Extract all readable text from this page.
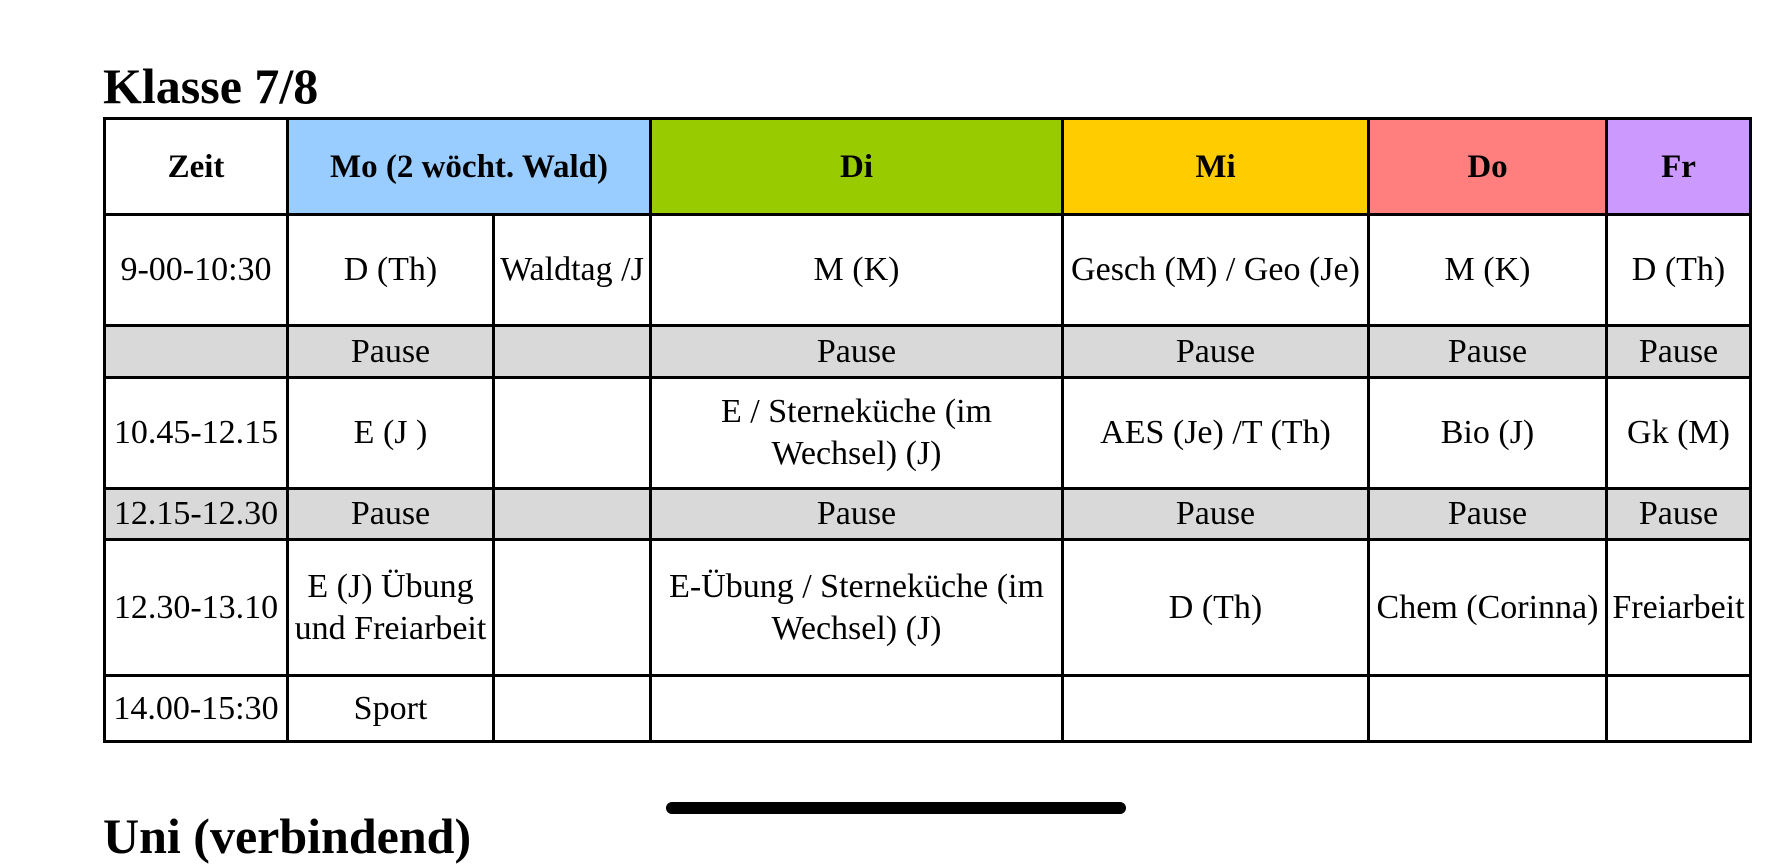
Klasse 7/8
Zeit	Mo (2 wöcht. Wald)		Di	Mi	Do	Fr
9-00-10:30	D (Th)	Waldtag /J	M (K)	Gesch (M) / Geo (Je)	M (K)	D (Th)
	Pause		Pause	Pause	Pause	Pause
10.45-12.15	E (J )		E / Sterneküche (im Wechsel) (J)	AES (Je) /T (Th)	Bio (J)	Gk (M)
12.15-12.30	Pause		Pause	Pause	Pause	Pause
12.30-13.10	E (J) Übung und Freiarbeit		E-Übung / Sterneküche (im Wechsel) (J)	D (Th)	Chem (Corinna)	Freiarbeit
14.00-15:30	Sport					
Uni (verbindend)
